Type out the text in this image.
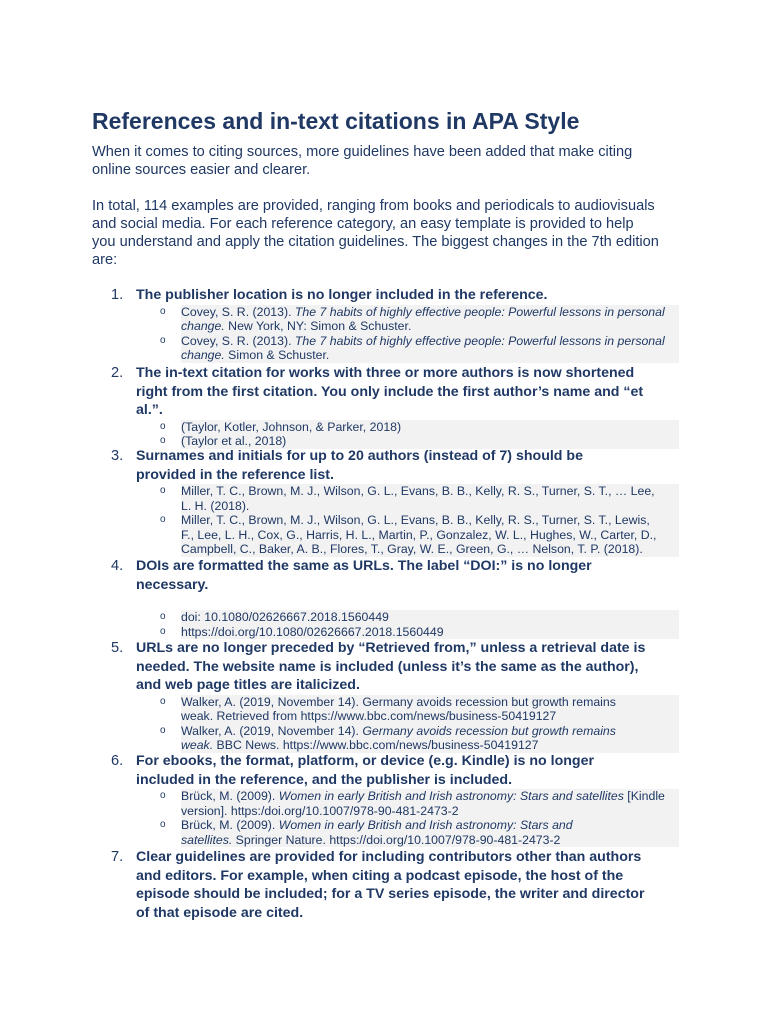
References and in-text citations in APA Style

When it comes to citing sources, more guidelines have been added that make citing
online sources easier and clearer.

In total, 114 examples are provided, ranging from books and periodicals to audiovisuals
and social media. For each reference category, an easy template is provided to help
you understand and apply the citation guidelines. The biggest changes in the 7th edition
are:

1. The publisher location is no longer included in the reference.
o Covey, S. R. (2013). The 7 habits of highly effective people: Powerful lessons in personal
change. New York, NY: Simon & Schuster.
o Covey, S. R. (2013). The 7 habits of highly effective people: Powerful lessons in personal
change. Simon & Schuster.
2. The in-text citation for works with three or more authors is now shortened
right from the first citation. You only include the first author’s name and “et
al.”.
o (Taylor, Kotler, Johnson, & Parker, 2018)
o (Taylor et al., 2018)
3. Surnames and initials for up to 20 authors (instead of 7) should be
provided in the reference list.
o Miller, T. C., Brown, M. J., Wilson, G. L., Evans, B. B., Kelly, R. S., Turner, S. T., … Lee,
L. H. (2018).
o Miller, T. C., Brown, M. J., Wilson, G. L., Evans, B. B., Kelly, R. S., Turner, S. T., Lewis,
F., Lee, L. H., Cox, G., Harris, H. L., Martin, P., Gonzalez, W. L., Hughes, W., Carter, D.,
Campbell, C., Baker, A. B., Flores, T., Gray, W. E., Green, G., … Nelson, T. P. (2018).
4. DOIs are formatted the same as URLs. The label “DOI:” is no longer
necessary.
o doi: 10.1080/02626667.2018.1560449
o https://doi.org/10.1080/02626667.2018.1560449
5. URLs are no longer preceded by “Retrieved from,” unless a retrieval date is
needed. The website name is included (unless it’s the same as the author),
and web page titles are italicized.
o Walker, A. (2019, November 14). Germany avoids recession but growth remains
weak. Retrieved from https://www.bbc.com/news/business-50419127
o Walker, A. (2019, November 14). Germany avoids recession but growth remains
weak. BBC News. https://www.bbc.com/news/business-50419127
6. For ebooks, the format, platform, or device (e.g. Kindle) is no longer
included in the reference, and the publisher is included.
o Brück, M. (2009). Women in early British and Irish astronomy: Stars and satellites [Kindle
version]. https:/doi.org/10.1007/978-90-481-2473-2
o Brück, M. (2009). Women in early British and Irish astronomy: Stars and
satellites. Springer Nature. https://doi.org/10.1007/978-90-481-2473-2
7. Clear guidelines are provided for including contributors other than authors
and editors. For example, when citing a podcast episode, the host of the
episode should be included; for a TV series episode, the writer and director
of that episode are cited.
